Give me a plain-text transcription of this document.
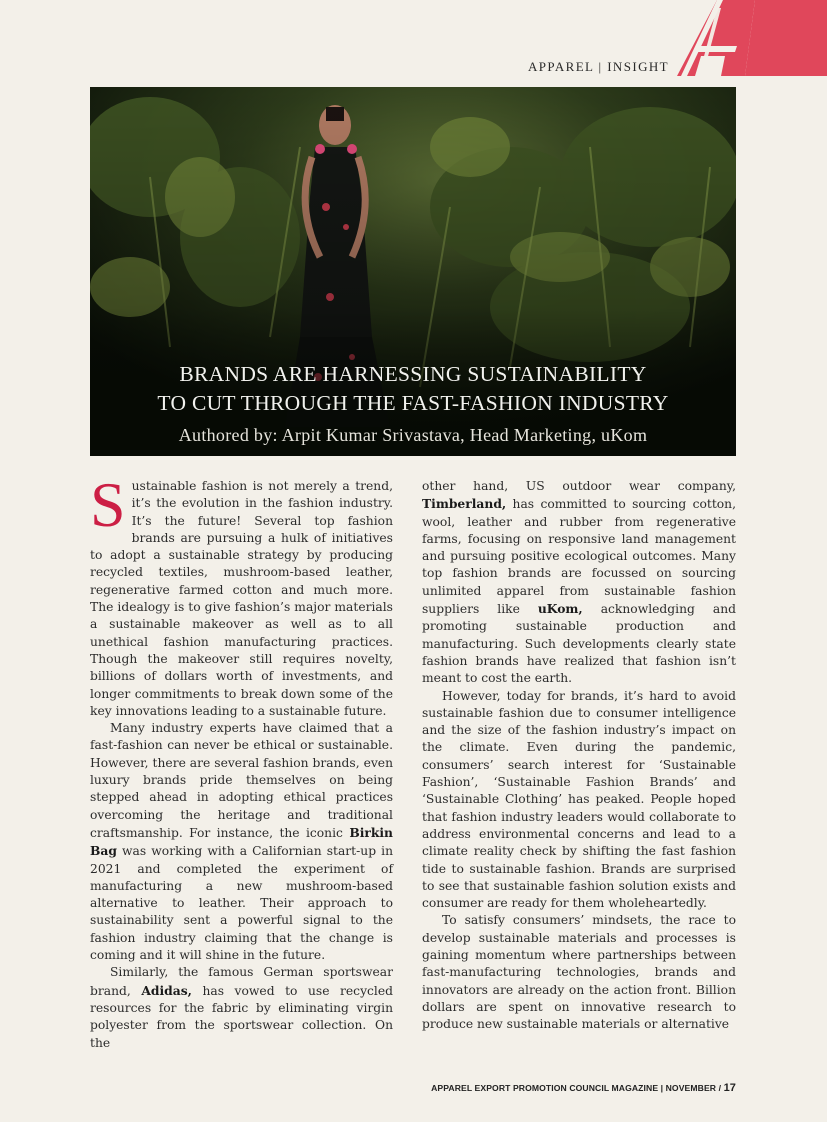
APPAREL | INSIGHT
BRANDS ARE HARNESSING SUSTAINABILITY
TO CUT THROUGH THE FAST-FASHION INDUSTRY
Authored by: Arpit Kumar Srivastava, Head Marketing, uKom

Sustainable fashion is not merely a trend, it’s the evolution in the fashion industry. It’s the future! Several top fashion brands are pursuing a hulk of initiatives to adopt a sustainable strategy by producing recycled textiles, mushroom-based leather, regenerative farmed cotton and much more. The idealogy is to give fashion’s major materials a sustainable makeover as well as to all unethical fashion manufacturing practices. Though the makeover still requires novelty, billions of dollars worth of investments, and longer commitments to break down some of the key innovations leading to a sustainable future.

Many industry experts have claimed that a fast-fashion can never be ethical or sustainable. However, there are several fashion brands, even luxury brands pride themselves on being stepped ahead in adopting ethical practices overcoming the heritage and traditional craftsmanship. For instance, the iconic Birkin Bag was working with a Californian start-up in 2021 and completed the experiment of manufacturing a new mushroom-based alternative to leather. Their approach to sustainability sent a powerful signal to the fashion industry claiming that the change is coming and it will shine in the future.

Similarly, the famous German sportswear brand, Adidas, has vowed to use recycled resources for the fabric by eliminating virgin polyester from the sportswear collection. On the

other hand, US outdoor wear company, Timberland, has committed to sourcing cotton, wool, leather and rubber from regenerative farms, focusing on responsive land management and pursuing positive ecological outcomes. Many top fashion brands are focussed on sourcing unlimited apparel from sustainable fashion suppliers like uKom, acknowledging and promoting sustainable production and manufacturing. Such developments clearly state fashion brands have realized that fashion isn’t meant to cost the earth.

However, today for brands, it’s hard to avoid sustainable fashion due to consumer intelligence and the size of the fashion industry’s impact on the climate. Even during the pandemic, consumers’ search interest for ‘Sustainable Fashion’, ‘Sustainable Fashion Brands’ and ‘Sustainable Clothing’ has peaked. People hoped that fashion industry leaders would collaborate to address environmental concerns and lead to a climate reality check by shifting the fast fashion tide to sustainable fashion. Brands are surprised to see that sustainable fashion solution exists and consumer are ready for them wholeheartedly.

To satisfy consumers’ mindsets, the race to develop sustainable materials and processes is gaining momentum where partnerships between fast-manufacturing technologies, brands and innovators are already on the action front. Billion dollars are spent on innovative research to produce new sustainable materials or alternative

APPAREL EXPORT PROMOTION COUNCIL MAGAZINE | NOVEMBER / 17
